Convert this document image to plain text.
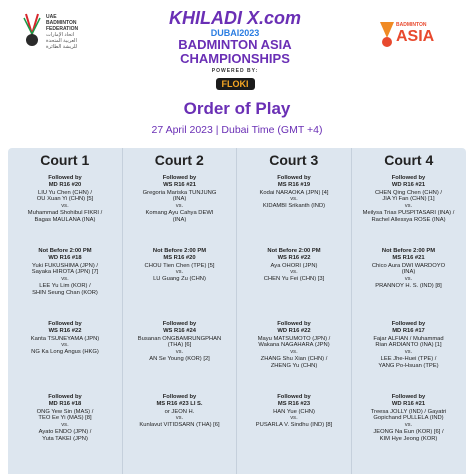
UAE
BADMINTON
FEDERATION
اتحاد الإمارات
العربية المتحدة
للريشة الطائرة
KHILADI X.com
DUBAI2023
BADMINTON ASIA
CHAMPIONSHIPS
POWERED BY:
FLOKI
BADMINTON
ASIA
Order of Play
27 April 2023 | Dubai Time (GMT +4)
Court 1
Followed by
MD R16 #20
LIU Yu Chen (CHN) /
OU Xuan Yi (CHN) [5]
vs.
Muhammad Shohibul FIKRI /
Bagas MAULANA (INA)
Not Before 2:00 PM
WD R16 #18
Yuki FUKUSHIMA (JPN) /
Sayaka HIROTA (JPN) [7]
vs.
LEE Yu Lim (KOR) /
SHIN Seung Chan (KOR)
Followed by
WS R16 #22
Kanta TSUNEYAMA (JPN)
vs.
NG Ka Long Angus (HKG)
Followed by
MD R16 #18
ONG Yew Sin (MAS) /
TEO Ee Yi (MAS) [8]
vs.
Ayato ENDO (JPN) /
Yuta TAKEI (JPN)
Court 2
Followed by
WS R16 #21
Gregoria Mariska TUNJUNG
(INA)
vs.
Komang Ayu Cahya DEWI
(INA)
Not Before 2:00 PM
MS R16 #20
CHOU Tien Chen (TPE) [5]
vs.
LU Guang Zu (CHN)
Followed by
WS R16 #24
Busanan ONGBAMRUNGPHAN
(THA) [6]
vs.
AN Se Young (KOR) [2]
Followed by
MS R16 #23 LI S.
or JEON H.
vs.
Kunlavut VITIDSARN (THA) [6]
Court 3
Followed by
MS R16 #19
Kodai NARAOKA (JPN) [4]
vs.
KIDAMBI Srikanth (IND)
Not Before 2:00 PM
WS R16 #22
Aya OHORI (JPN)
vs.
CHEN Yu Fei (CHN) [3]
Followed by
WD R16 #22
Mayu MATSUMOTO (JPN) /
Wakana NAGAHARA (JPN)
vs.
ZHANG Shu Xian (CHN) /
ZHENG Yu (CHN)
Followed by
MS R16 #23
HAN Yue (CHN)
vs.
PUSARLA V. Sindhu (IND) [8]
Court 4
Followed by
WD R16 #21
CHEN Qing Chen (CHN) /
JIA Yi Fan (CHN) [1]
vs.
Meilysa Trias PUSPITASARI (INA) /
Rachel Allessya ROSE (INA)
Not Before 2:00 PM
MS R16 #21
Chico Aura DWI WARDOYO
(INA)
vs.
PRANNOY H. S. (IND) [8]
Followed by
MD R16 #17
Fajar ALFIAN / Muhammad
Rian ARDIANTO (INA) [1]
vs.
LEE Jhe-Huei (TPE) /
YANG Po-Hsuan (TPE)
Followed by
WD R16 #21
Treesa JOLLY (IND) / Gayatri
Gopichand PULLELA (IND)
vs.
JEONG Na Eun (KOR) [6] /
KIM Hye Jeong (KOR)
